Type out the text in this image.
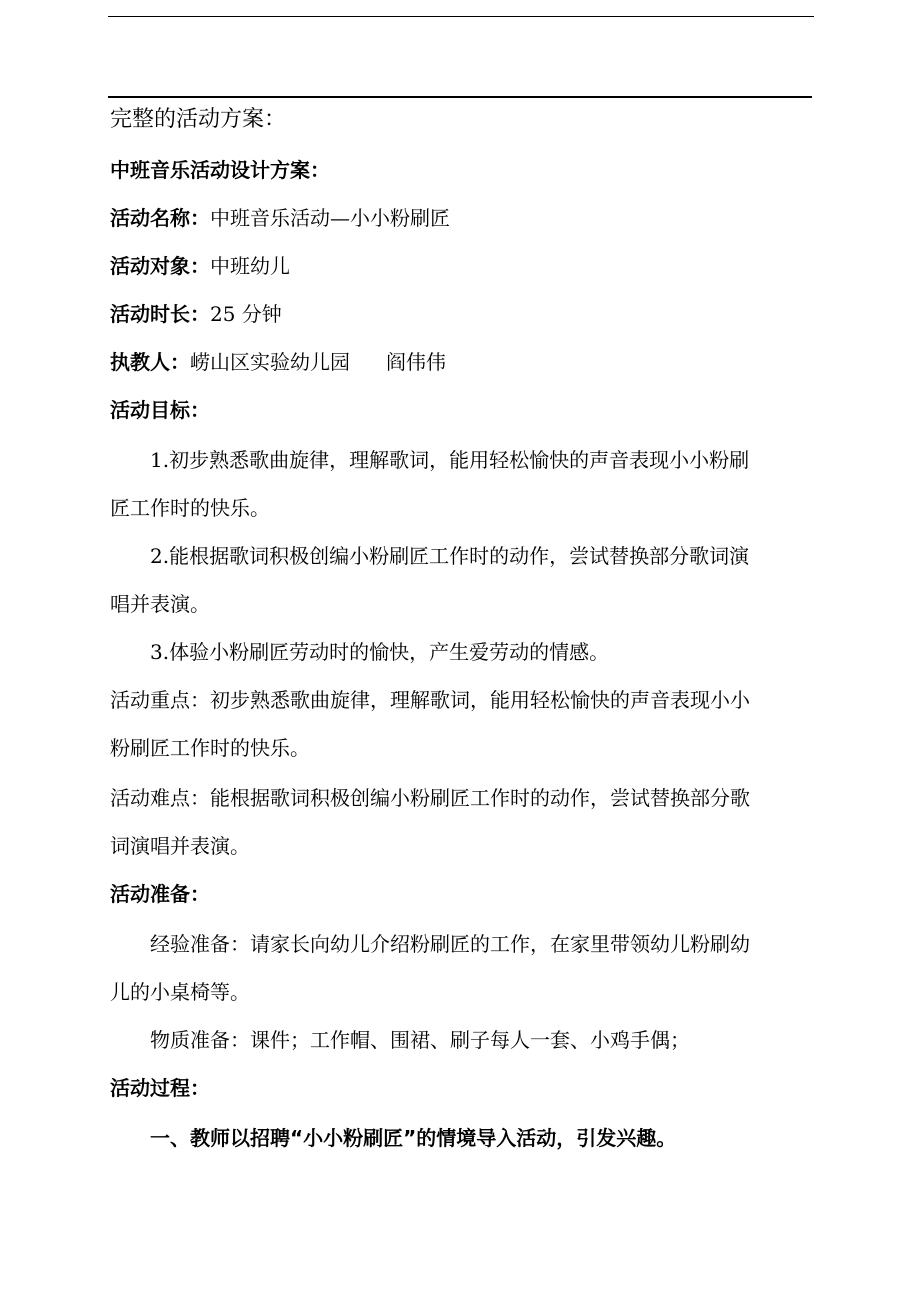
完整的活动方案：
中班音乐活动设计方案：
活动名称：中班音乐活动—小小粉刷匠
活动对象：中班幼儿
活动时长：25 分钟
执教人：崂山区实验幼儿园 阎伟伟
活动目标：
1.初步熟悉歌曲旋律，理解歌词，能用轻松愉快的声音表现小小粉刷
匠工作时的快乐。
2.能根据歌词积极创编小粉刷匠工作时的动作，尝试替换部分歌词演
唱并表演。
3.体验小粉刷匠劳动时的愉快，产生爱劳动的情感。
活动重点：初步熟悉歌曲旋律，理解歌词，能用轻松愉快的声音表现小小
粉刷匠工作时的快乐。
活动难点：能根据歌词积极创编小粉刷匠工作时的动作，尝试替换部分歌
词演唱并表演。
活动准备：
经验准备：请家长向幼儿介绍粉刷匠的工作，在家里带领幼儿粉刷幼
儿的小桌椅等。
物质准备：课件；工作帽、围裙、刷子每人一套、小鸡手偶；
活动过程：
一、教师以招聘“小小粉刷匠”的情境导入活动，引发兴趣。
